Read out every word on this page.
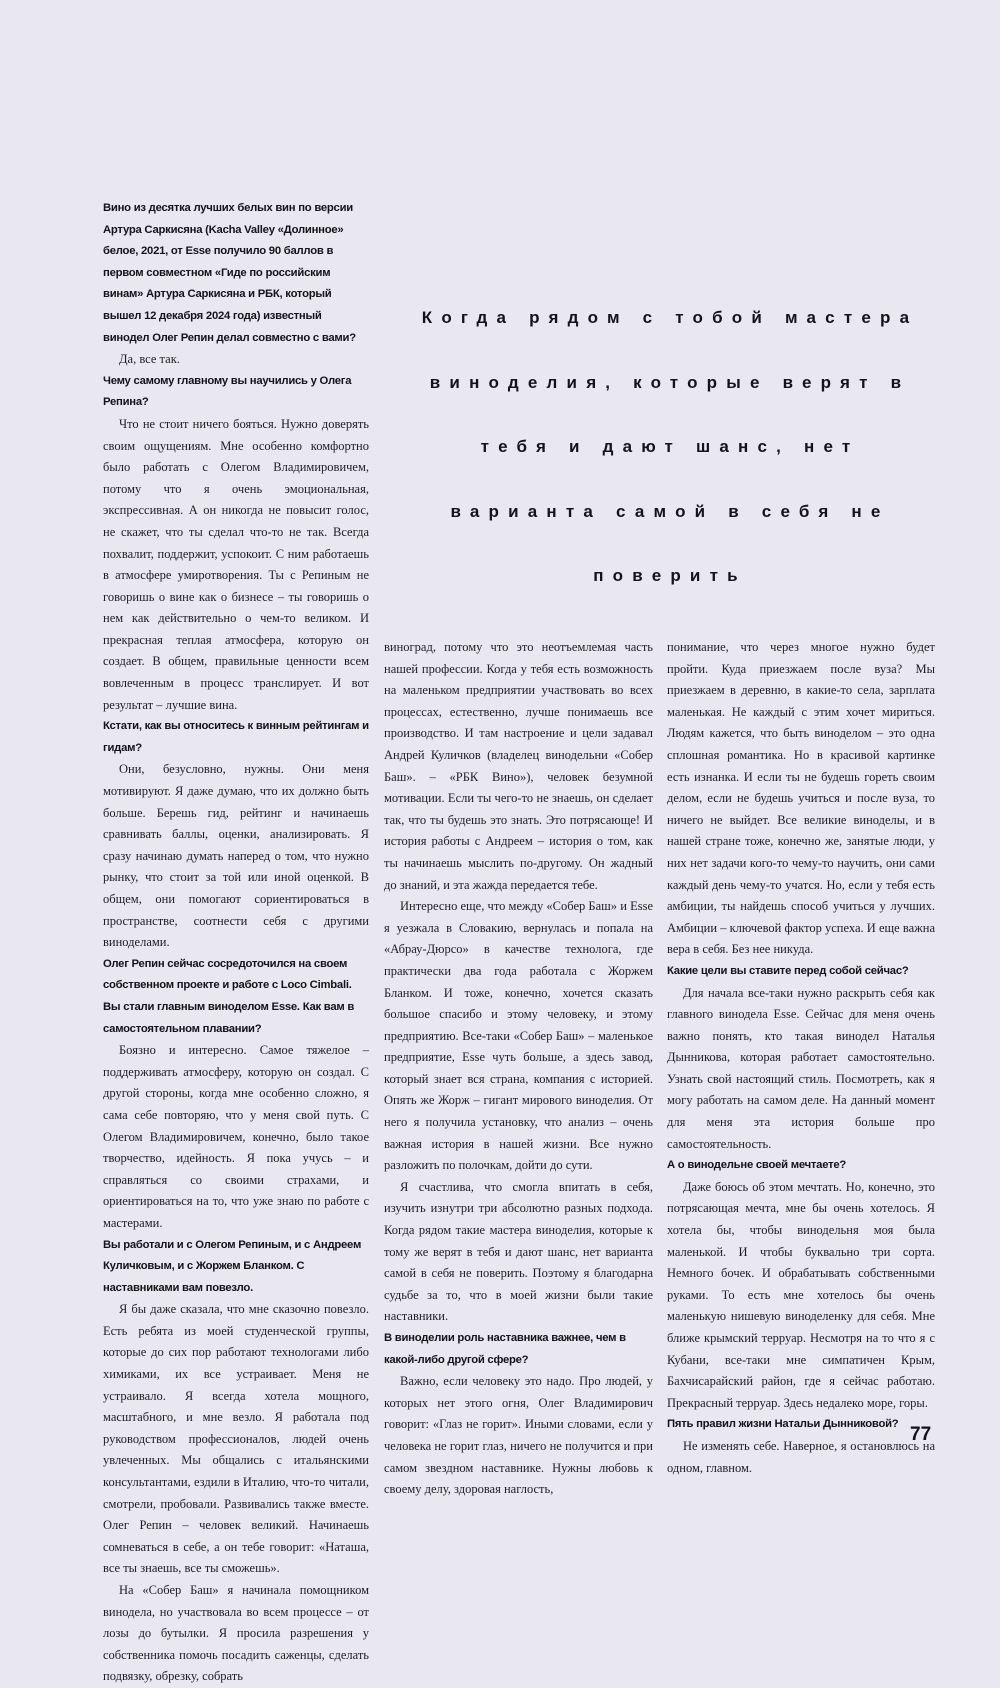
Вино из десятка лучших белых вин по версии Артура Саркисяна (Kacha Valley «Долинное» белое, 2021, от Esse получило 90 баллов в первом совместном «Гиде по российским винам» Артура Саркисяна и РБК, который вышел 12 декабря 2024 года) известный винодел Олег Репин делал совместно с вами?

Да, все так.

Чему самому главному вы научились у Олега Репина?

Что не стоит ничего бояться. Нужно доверять своим ощущениям. Мне особенно комфортно было работать с Олегом Владимировичем, потому что я очень эмоциональная, экспрессивная. А он никогда не повысит голос, не скажет, что ты сделал что-то не так. Всегда похвалит, поддержит, успокоит. С ним работаешь в атмосфере умиротворения. Ты с Репиным не говоришь о вине как о бизнесе – ты говоришь о нем как действительно о чем-то великом. И прекрасная теплая атмосфера, которую он создает. В общем, правильные ценности всем вовлеченным в процесс транслирует. И вот результат – лучшие вина.

Кстати, как вы относитесь к винным рейтингам и гидам?

Они, безусловно, нужны. Они меня мотивируют. Я даже думаю, что их должно быть больше. Берешь гид, рейтинг и начинаешь сравнивать баллы, оценки, анализировать. Я сразу начинаю думать наперед о том, что нужно рынку, что стоит за той или иной оценкой. В общем, они помогают сориентироваться в пространстве, соотнести себя с другими виноделами.

Олег Репин сейчас сосредоточился на своем собственном проекте и работе с Loco Cimbali. Вы стали главным виноделом Esse. Как вам в самостоятельном плавании?

Боязно и интересно. Самое тяжелое – поддерживать атмосферу, которую он создал. С другой стороны, когда мне особенно сложно, я сама себе повторяю, что у меня свой путь. С Олегом Владимировичем, конечно, было такое творчество, идейность. Я пока учусь – и справляться со своими страхами, и ориентироваться на то, что уже знаю по работе с мастерами.

Вы работали и с Олегом Репиным, и с Андреем Куличковым, и с Жоржем Бланком. С наставниками вам повезло.

Я бы даже сказала, что мне сказочно повезло. Есть ребята из моей студенческой группы, которые до сих пор работают технологами либо химиками, их все устраивает. Меня не устраивало. Я всегда хотела мощного, масштабного, и мне везло. Я работала под руководством профессионалов, людей очень увлеченных. Мы общались с итальянскими консультантами, ездили в Италию, что-то читали, смотрели, пробовали. Развивались также вместе. Олег Репин – человек великий. Начинаешь сомневаться в себе, а он тебе говорит: «Наташа, все ты знаешь, все ты сможешь».

На «Собер Баш» я начинала помощником винодела, но участвовала во всем процессе – от лозы до бутылки. Я просила разрешения у собственника помочь посадить саженцы, сделать подвязку, обрезку, собрать

Когда рядом с тобой мастера виноделия, которые верят в тебя и дают шанс, нет варианта самой в себя не поверить

виноград, потому что это неотъемлемая часть нашей профессии. Когда у тебя есть возможность на маленьком предприятии участвовать во всех процессах, естественно, лучше понимаешь все производство. И там настроение и цели задавал Андрей Куличков (владелец винодельни «Собер Баш». – «РБК Вино»), человек безумной мотивации. Если ты чего-то не знаешь, он сделает так, что ты будешь это знать. Это потрясающе! И история работы с Андреем – история о том, как ты начинаешь мыслить по-другому. Он жадный до знаний, и эта жажда передается тебе.

Интересно еще, что между «Собер Баш» и Esse я уезжала в Словакию, вернулась и попала на «Абрау-Дюрсо» в качестве технолога, где практически два года работала с Жоржем Бланком. И тоже, конечно, хочется сказать большое спасибо и этому человеку, и этому предприятию. Все-таки «Собер Баш» – маленькое предприятие, Esse чуть больше, а здесь завод, который знает вся страна, компания с историей. Опять же Жорж – гигант мирового виноделия. От него я получила установку, что анализ – очень важная история в нашей жизни. Все нужно разложить по полочкам, дойти до сути.

Я счастлива, что смогла впитать в себя, изучить изнутри три абсолютно разных подхода. Когда рядом такие мастера виноделия, которые к тому же верят в тебя и дают шанс, нет варианта самой в себя не поверить. Поэтому я благодарна судьбе за то, что в моей жизни были такие наставники.

В виноделии роль наставника важнее, чем в какой-либо другой сфере?

Важно, если человеку это надо. Про людей, у которых нет этого огня, Олег Владимирович говорит: «Глаз не горит». Иными словами, если у человека не горит глаз, ничего не получится и при самом звездном наставнике. Нужны любовь к своему делу, здоровая наглость,

понимание, что через многое нужно будет пройти. Куда приезжаем после вуза? Мы приезжаем в деревню, в какие-то села, зарплата маленькая. Не каждый с этим хочет мириться. Людям кажется, что быть виноделом – это одна сплошная романтика. Но в красивой картинке есть изнанка. И если ты не будешь гореть своим делом, если не будешь учиться и после вуза, то ничего не выйдет. Все великие виноделы, и в нашей стране тоже, конечно же, занятые люди, у них нет задачи кого-то чему-то научить, они сами каждый день чему-то учатся. Но, если у тебя есть амбиции, ты найдешь способ учиться у лучших. Амбиции – ключевой фактор успеха. И еще важна вера в себя. Без нее никуда.

Какие цели вы ставите перед собой сейчас?

Для начала все-таки нужно раскрыть себя как главного винодела Esse. Сейчас для меня очень важно понять, кто такая винодел Наталья Дынникова, которая работает самостоятельно. Узнать свой настоящий стиль. Посмотреть, как я могу работать на самом деле. На данный момент для меня эта история больше про самостоятельность.

А о винодельне своей мечтаете?

Даже боюсь об этом мечтать. Но, конечно, это потрясающая мечта, мне бы очень хотелось. Я хотела бы, чтобы винодельня моя была маленькой. И чтобы буквально три сорта. Немного бочек. И обрабатывать собственными руками. То есть мне хотелось бы очень маленькую нишевую виноделенку для себя. Мне ближе крымский терруар. Несмотря на то что я с Кубани, все-таки мне симпатичен Крым, Бахчисарайский район, где я сейчас работаю. Прекрасный терруар. Здесь недалеко море, горы.

Пять правил жизни Натальи Дынниковой?

Не изменять себе. Наверное, я остановлюсь на одном, главном.

77
